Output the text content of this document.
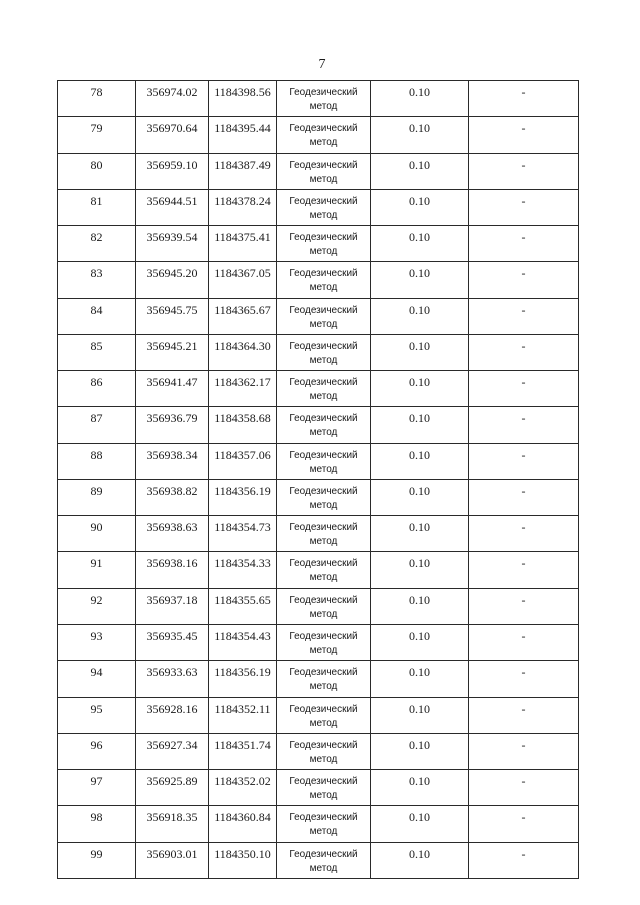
7
78	356974.02	1184398.56	Геодезический метод	0.10	-
79	356970.64	1184395.44	Геодезический метод	0.10	-
80	356959.10	1184387.49	Геодезический метод	0.10	-
81	356944.51	1184378.24	Геодезический метод	0.10	-
82	356939.54	1184375.41	Геодезический метод	0.10	-
83	356945.20	1184367.05	Геодезический метод	0.10	-
84	356945.75	1184365.67	Геодезический метод	0.10	-
85	356945.21	1184364.30	Геодезический метод	0.10	-
86	356941.47	1184362.17	Геодезический метод	0.10	-
87	356936.79	1184358.68	Геодезический метод	0.10	-
88	356938.34	1184357.06	Геодезический метод	0.10	-
89	356938.82	1184356.19	Геодезический метод	0.10	-
90	356938.63	1184354.73	Геодезический метод	0.10	-
91	356938.16	1184354.33	Геодезический метод	0.10	-
92	356937.18	1184355.65	Геодезический метод	0.10	-
93	356935.45	1184354.43	Геодезический метод	0.10	-
94	356933.63	1184356.19	Геодезический метод	0.10	-
95	356928.16	1184352.11	Геодезический метод	0.10	-
96	356927.34	1184351.74	Геодезический метод	0.10	-
97	356925.89	1184352.02	Геодезический метод	0.10	-
98	356918.35	1184360.84	Геодезический метод	0.10	-
99	356903.01	1184350.10	Геодезический метод	0.10	-
